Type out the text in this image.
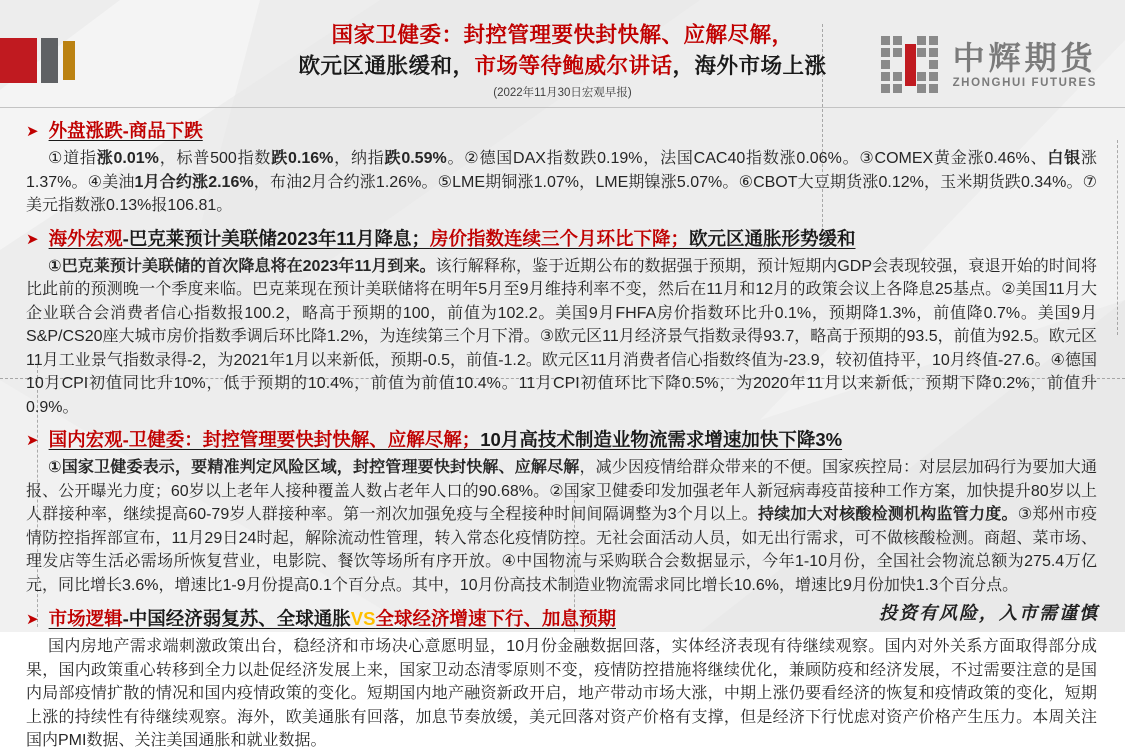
国家卫健委：封控管理要快封快解、应解尽解，
欧元区通胀缓和，市场等待鲍威尔讲话，海外市场上涨
(2022年11月30日宏观早报)
中辉期货
ZHONGHUI FUTURES
➤ 外盘涨跌-商品下跌

①道指涨0.01%，标普500指数跌0.16%，纳指跌0.59%。②德国DAX指数跌0.19%，法国CAC40指数涨0.06%。③COMEX黄金涨0.46%、白银涨1.37%。④美油1月合约涨2.16%，布油2月合约涨1.26%。⑤LME期铜涨1.07%，LME期镍涨5.07%。⑥CBOT大豆期货涨0.12%，玉米期货跌0.34%。⑦美元指数涨0.13%报106.81。

➤ 海外宏观-巴克莱预计美联储2023年11月降息；房价指数连续三个月环比下降；欧元区通胀形势缓和

①巴克莱预计美联储的首次降息将在2023年11月到来。该行解释称，鉴于近期公布的数据强于预期，预计短期内GDP会表现较强，衰退开始的时间将比此前的预测晚一个季度来临。巴克莱现在预计美联储将在明年5月至9月维持利率不变，然后在11月和12月的政策会议上各降息25基点。②美国11月大企业联合会消费者信心指数报100.2，略高于预期的100，前值为102.2。美国9月FHFA房价指数环比升0.1%，预期降1.3%，前值降0.7%。美国9月S&P/CS20座大城市房价指数季调后环比降1.2%，为连续第三个月下滑。③欧元区11月经济景气指数录得93.7，略高于预期的93.5，前值为92.5。欧元区11月工业景气指数录得-2，为2021年1月以来新低，预期-0.5，前值-1.2。欧元区11月消费者信心指数终值为-23.9，较初值持平，10月终值-27.6。④德国10月CPI初值同比升10%，低于预期的10.4%，前值为前值10.4%。11月CPI初值环比下降0.5%，为2020年11月以来新低，预期下降0.2%，前值升0.9%。

➤ 国内宏观-卫健委：封控管理要快封快解、应解尽解；10月高技术制造业物流需求增速加快下降3%

①国家卫健委表示，要精准判定风险区域，封控管理要快封快解、应解尽解，减少因疫情给群众带来的不便。国家疾控局：对层层加码行为要加大通报、公开曝光力度；60岁以上老年人接种覆盖人数占老年人口的90.68%。②国家卫健委印发加强老年人新冠病毒疫苗接种工作方案，加快提升80岁以上人群接种率，继续提高60-79岁人群接种率。第一剂次加强免疫与全程接种时间间隔调整为3个月以上。持续加大对核酸检测机构监管力度。③郑州市疫情防控指挥部宣布，11月29日24时起，解除流动性管理，转入常态化疫情防控。无社会面活动人员，如无出行需求，可不做核酸检测。商超、菜市场、理发店等生活必需场所恢复营业，电影院、餐饮等场所有序开放。④中国物流与采购联合会数据显示，今年1-10月份，全国社会物流总额为275.4万亿元，同比增长3.6%，增速比1-9月份提高0.1个百分点。其中，10月份高技术制造业物流需求同比增长10.6%，增速比9月份加快1.3个百分点。

➤ 市场逻辑-中国经济弱复苏、全球通胀VS全球经济增速下行、加息预期

国内房地产需求端刺激政策出台，稳经济和市场决心意愿明显，10月份金融数据回落，实体经济表现有待继续观察。国内对外关系方面取得部分成果，国内政策重心转移到全力以赴促经济发展上来，国家卫动态清零原则不变，疫情防控措施将继续优化，兼顾防疫和经济发展，不过需要注意的是国内局部疫情扩散的情况和国内疫情政策的变化。短期国内地产融资新政开启，地产带动市场大涨，中期上涨仍要看经济的恢复和疫情政策的变化，短期上涨的持续性有待继续观察。海外，欧美通胀有回落，加息节奏放缓，美元回落对资产价格有支撑，但是经济下行忧虑对资产价格产生压力。本周关注国内PMI数据、关注美国通胀和就业数据。

投资有风险，入市需谨慎
